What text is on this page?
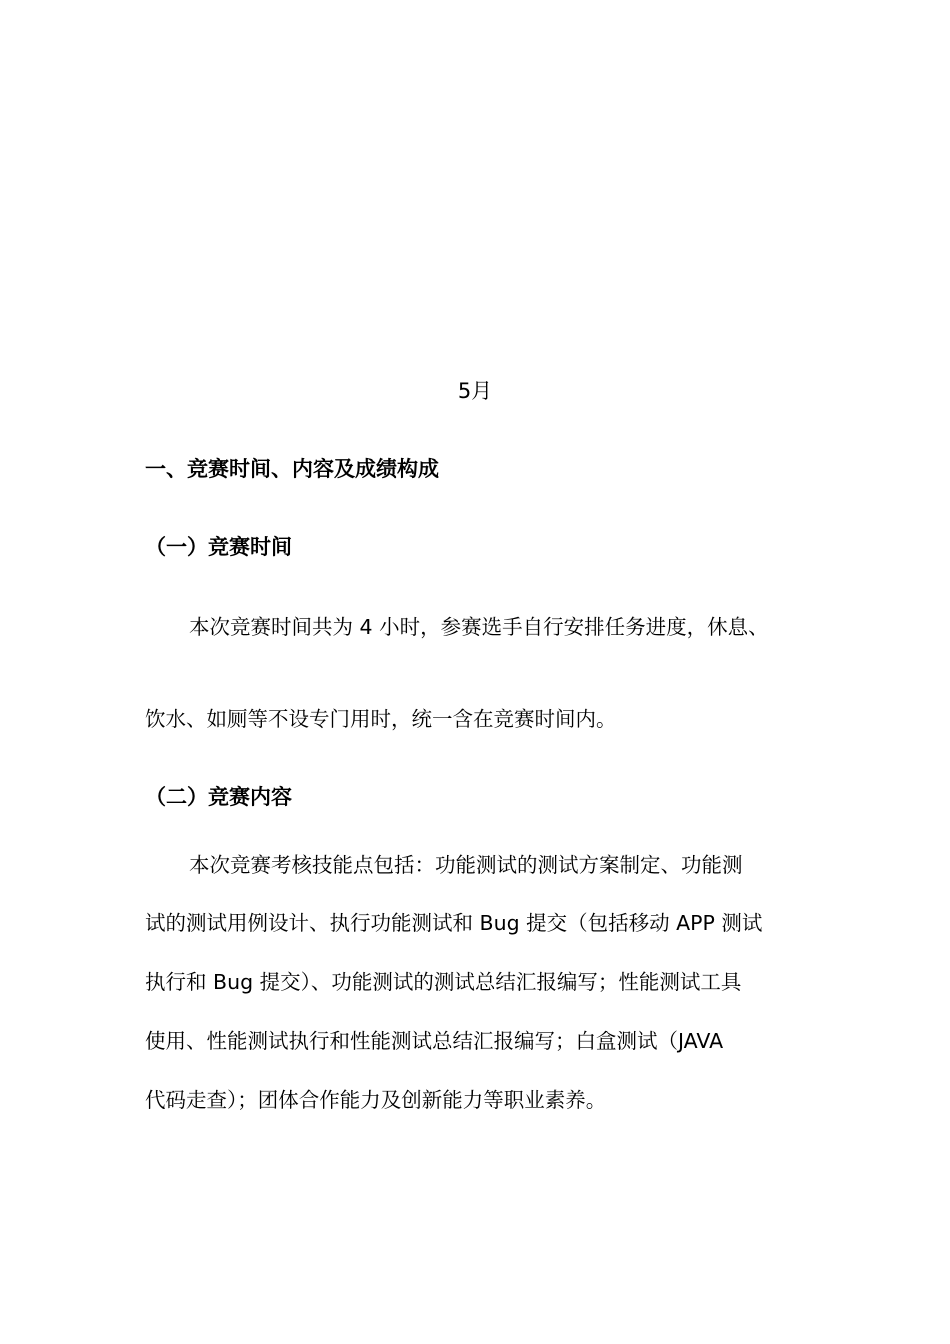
5月
一、竞赛时间、内容及成绩构成
（一）竞赛时间
本次竞赛时间共为 4 小时，参赛选手自行安排任务进度，休息、
饮水、如厕等不设专门用时，统一含在竞赛时间内。
（二）竞赛内容
本次竞赛考核技能点包括：功能测试的测试方案制定、功能测
试的测试用例设计、执行功能测试和 Bug 提交（包括移动 APP 测试
执行和 Bug 提交）、功能测试的测试总结汇报编写；性能测试工具
使用、性能测试执行和性能测试总结汇报编写；白盒测试（JAVA
代码走查）；团体合作能力及创新能力等职业素养。
